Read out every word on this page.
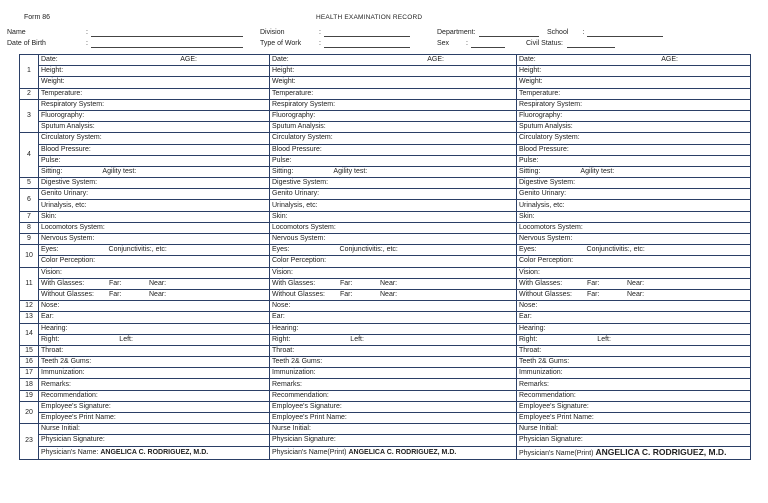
Form 86	HEALTH EXAMINATION RECORD
Name	:
Date of Birth	:
Division	:
Type of Work	:
Department:	School :
Sex	:	Civil Status:
1	Date: AGE:	Date: AGE:	Date: AGE:

	Height:	Height:	Height:
	Weight:	Weight:	Weight:
2	Temperature:	Temperature:	Temperature:
3	Respiratory System:	Respiratory System:	Respiratory System:
	Fluorography:	Fluorography:	Fluorography:
	Sputum Analysis:	Sputum Analysis:	Sputum Analysis:
4	Circulatory System:	Circulatory System:	Circulatory System:
	Blood Pressure:	Blood Pressure:	Blood Pressure:
	Pulse:	Pulse:	Pulse:

	Sitting: Agility test:	Sitting: Agility test:	Sitting: Agility test:

5	Digestive System:	Digestive System:	Digestive System:
6	Genito Urinary:	Genito Urinary:	Genito Urinary:
	Urinalysis, etc:	Urinalysis, etc:	Urinalysis, etc:
7	Skin:	Skin:	Skin:
8	Locomotors System:	Locomotors System:	Locomotors System:
9	Nervous System:	Nervous System:	Nervous System:
10	Eyes: Conjunctivitis:, etc:	Eyes: Conjunctivitis:, etc:	Eyes: Conjunctivitis:, etc:

	Color Perception:	Color Perception:	Color Perception:
11	Vision:	Vision:	Vision:

	With Glasses: Far: Near:	With Glasses: Far: Near:	With Glasses: Far: Near:

	Without Glasses: Far: Near:	Without Glasses: Far: Near:	Without Glasses: Far: Near:

12	Nose:	Nose:	Nose:
13	Ear:	Ear:	Ear:
14	Hearing:	Hearing:	Hearing:

	Right: Left:	Right: Left:	Right: Left:

15	Throat:	Throat:	Throat:
16	Teeth 2& Gums:	Teeth 2& Gums:	Teeth 2& Gums:
17	Immunization:	Immunization:	Immunization:
18	Remarks:	Remarks:	Remarks:
19	Recommendation:	Recommendation:	Recommendation:
20	Employee's Signature:	Employee's Signature:	Employee's Signature:
	Employee's Print Name:	Employee's Print Name:	Employee's Print Name:
23	Nurse Initial:	Nurse Initial:	Nurse Initial:
	Physician Signature:	Physician Signature:	Physician Signature:
	Physician's Name: ANGELICA C. RODRIGUEZ, M.D.	Physician's Name(Print) ANGELICA C. RODRIGUEZ, M.D.	Physician's Name(Print) ANGELICA C. RODRIGUEZ, M.D.
